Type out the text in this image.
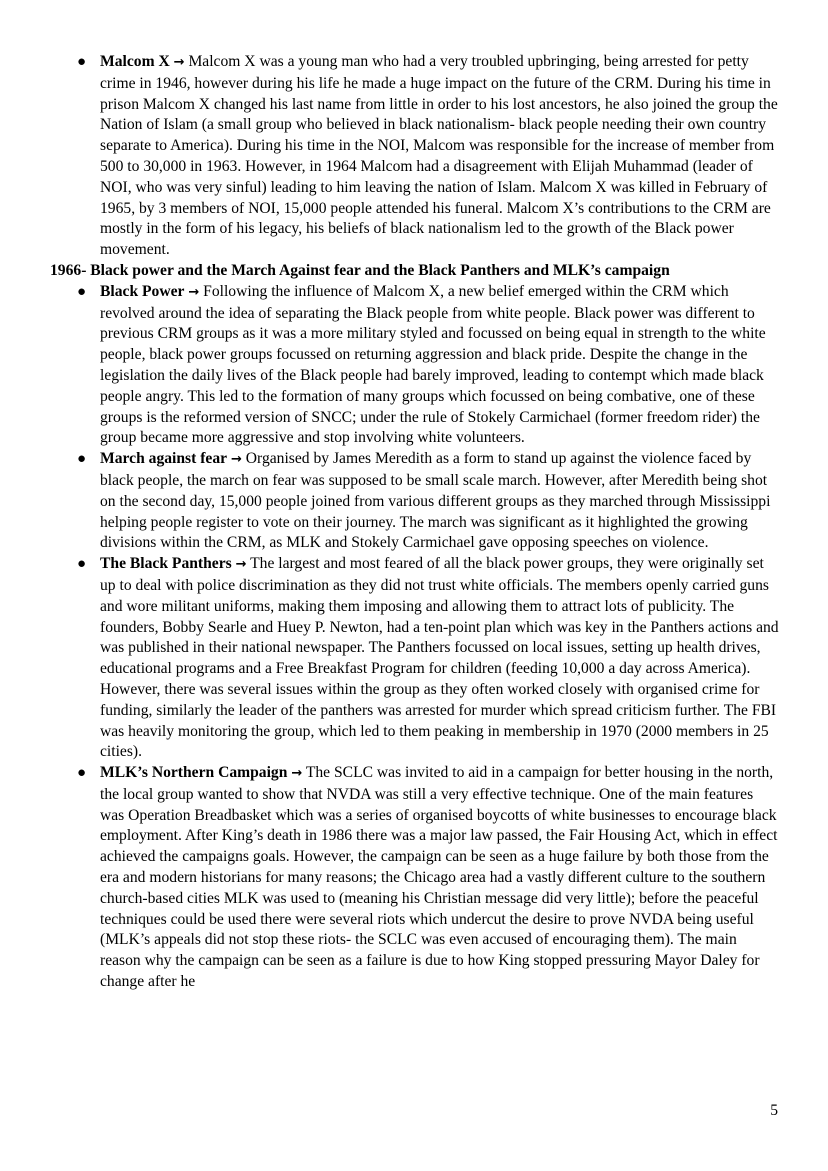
● Malcom X → Malcom X was a young man who had a very troubled upbringing, being arrested for petty crime in 1946, however during his life he made a huge impact on the future of the CRM. During his time in prison Malcom X changed his last name from little in order to his lost ancestors, he also joined the group the Nation of Islam (a small group who believed in black nationalism- black people needing their own country separate to America). During his time in the NOI, Malcom was responsible for the increase of member from 500 to 30,000 in 1963. However, in 1964 Malcom had a disagreement with Elijah Muhammad (leader of NOI, who was very sinful) leading to him leaving the nation of Islam. Malcom X was killed in February of 1965, by 3 members of NOI, 15,000 people attended his funeral. Malcom X’s contributions to the CRM are mostly in the form of his legacy, his beliefs of black nationalism led to the growth of the Black power movement.

1966- Black power and the March Against fear and the Black Panthers and MLK’s campaign

● Black Power → Following the influence of Malcom X, a new belief emerged within the CRM which revolved around the idea of separating the Black people from white people. Black power was different to previous CRM groups as it was a more military styled and focussed on being equal in strength to the white people, black power groups focussed on returning aggression and black pride. Despite the change in the legislation the daily lives of the Black people had barely improved, leading to contempt which made black people angry. This led to the formation of many groups which focussed on being combative, one of these groups is the reformed version of SNCC; under the rule of Stokely Carmichael (former freedom rider) the group became more aggressive and stop involving white volunteers.
● March against fear → Organised by James Meredith as a form to stand up against the violence faced by black people, the march on fear was supposed to be small scale march. However, after Meredith being shot on the second day, 15,000 people joined from various different groups as they marched through Mississippi helping people register to vote on their journey. The march was significant as it highlighted the growing divisions within the CRM, as MLK and Stokely Carmichael gave opposing speeches on violence.
● The Black Panthers → The largest and most feared of all the black power groups, they were originally set up to deal with police discrimination as they did not trust white officials. The members openly carried guns and wore militant uniforms, making them imposing and allowing them to attract lots of publicity. The founders, Bobby Searle and Huey P. Newton, had a ten-point plan which was key in the Panthers actions and was published in their national newspaper. The Panthers focussed on local issues, setting up health drives, educational programs and a Free Breakfast Program for children (feeding 10,000 a day across America). However, there was several issues within the group as they often worked closely with organised crime for funding, similarly the leader of the panthers was arrested for murder which spread criticism further. The FBI was heavily monitoring the group, which led to them peaking in membership in 1970 (2000 members in 25 cities).
● MLK’s Northern Campaign → The SCLC was invited to aid in a campaign for better housing in the north, the local group wanted to show that NVDA was still a very effective technique. One of the main features was Operation Breadbasket which was a series of organised boycotts of white businesses to encourage black employment. After King’s death in 1986 there was a major law passed, the Fair Housing Act, which in effect achieved the campaigns goals. However, the campaign can be seen as a huge failure by both those from the era and modern historians for many reasons; the Chicago area had a vastly different culture to the southern church-based cities MLK was used to (meaning his Christian message did very little); before the peaceful techniques could be used there were several riots which undercut the desire to prove NVDA being useful (MLK’s appeals did not stop these riots- the SCLC was even accused of encouraging them). The main reason why the campaign can be seen as a failure is due to how King stopped pressuring Mayor Daley for change after he
5
